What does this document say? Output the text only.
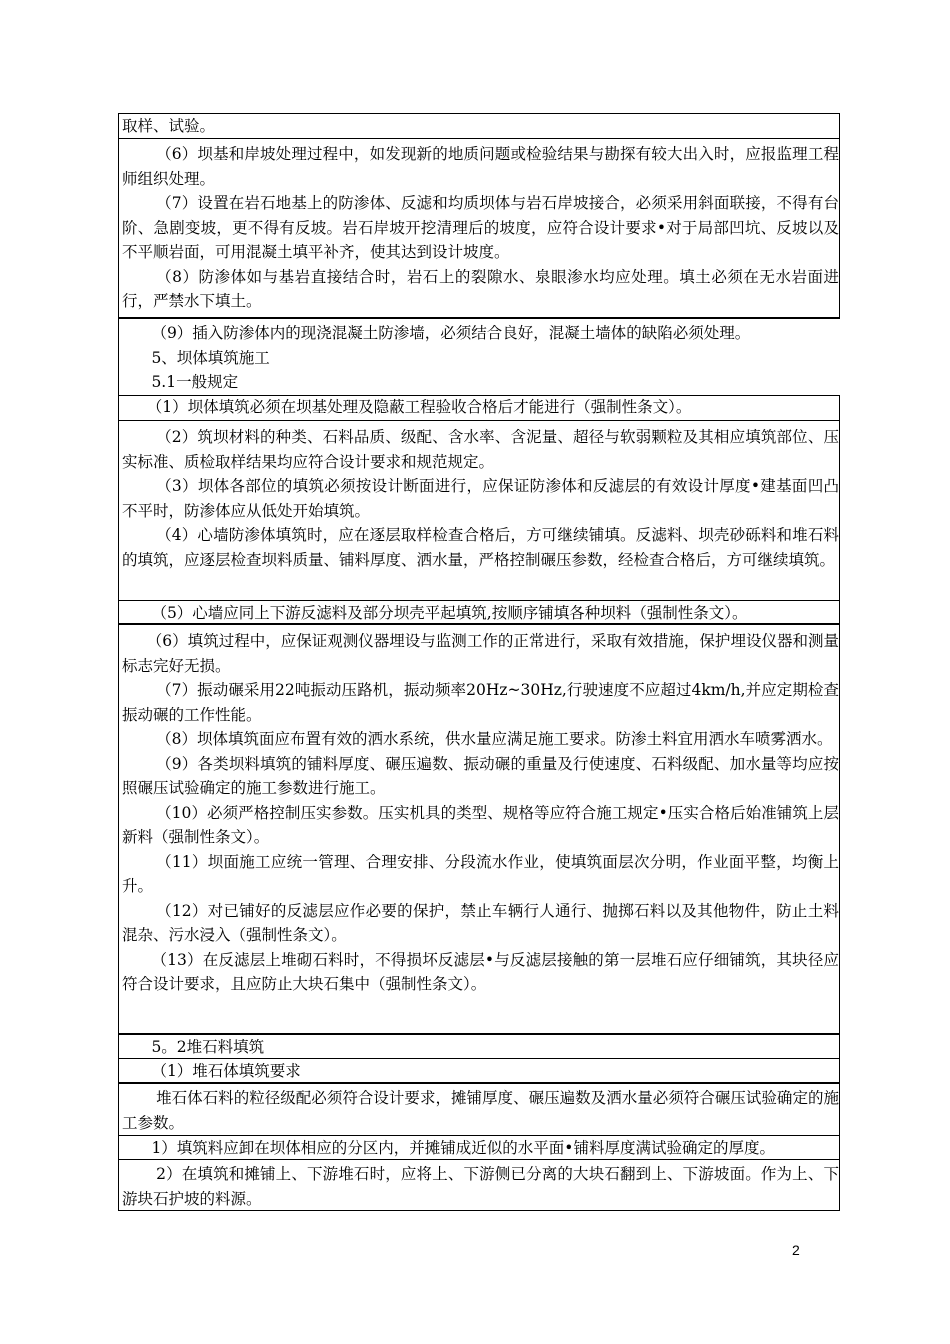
取样、试验。

（6）坝基和岸坡处理过程中，如发现新的地质问题或检验结果与勘探有较大出入时，应报监理工程师组织处理。

（7）设置在岩石地基上的防渗体、反滤和均质坝体与岩石岸坡接合，必须采用斜面联接，不得有台阶、急剧变坡，更不得有反坡。岩石岸坡开挖清理后的坡度，应符合设计要求•对于局部凹坑、反坡以及不平顺岩面，可用混凝土填平补齐，使其达到设计坡度。

（8）防渗体如与基岩直接结合时，岩石上的裂隙水、泉眼渗水均应处理。填土必须在无水岩面进行，严禁水下填土。

（9）插入防渗体内的现浇混凝土防渗墙，必须结合良好，混凝土墙体的缺陷必须处理。

5、坝体填筑施工

5.1一般规定

（1）坝体填筑必须在坝基处理及隐蔽工程验收合格后才能进行（强制性条文）。

（2）筑坝材料的种类、石料品质、级配、含水率、含泥量、超径与软弱颗粒及其相应填筑部位、压实标准、质检取样结果均应符合设计要求和规范规定。

（3）坝体各部位的填筑必须按设计断面进行，应保证防渗体和反滤层的有效设计厚度•建基面凹凸不平时，防渗体应从低处开始填筑。

（4）心墙防渗体填筑时，应在逐层取样检查合格后，方可继续铺填。反滤料、坝壳砂砾料和堆石料的填筑，应逐层检查坝料质量、铺料厚度、洒水量，严格控制碾压参数，经检查合格后，方可继续填筑。

（5）心墙应同上下游反滤料及部分坝壳平起填筑,按顺序铺填各种坝料（强制性条文）。

（6）填筑过程中，应保证观测仪器埋设与监测工作的正常进行，采取有效措施，保护埋设仪器和测量标志完好无损。

（7）振动碾采用22吨振动压路机，振动频率20Hz~30Hz,行驶速度不应超过4km/h,并应定期检查振动碾的工作性能。

（8）坝体填筑面应布置有效的洒水系统，供水量应满足施工要求。防渗土料宜用洒水车喷雾洒水。

（9）各类坝料填筑的铺料厚度、碾压遍数、振动碾的重量及行使速度、石料级配、加水量等均应按照碾压试验确定的施工参数进行施工。

（10）必须严格控制压实参数。压实机具的类型、规格等应符合施工规定•压实合格后始准铺筑上层新料（强制性条文）。

（11）坝面施工应统一管理、合理安排、分段流水作业，使填筑面层次分明，作业面平整，均衡上升。

（12）对已铺好的反滤层应作必要的保护，禁止车辆行人通行、抛掷石料以及其他物件，防止土料混杂、污水浸入（强制性条文）。

（13）在反滤层上堆砌石料时，不得损坏反滤层•与反滤层接触的第一层堆石应仔细铺筑，其块径应符合设计要求，且应防止大块石集中（强制性条文）。

5。2堆石料填筑

（1）堆石体填筑要求

堆石体石料的粒径级配必须符合设计要求，摊铺厚度、碾压遍数及洒水量必须符合碾压试验确定的施工参数。

1）填筑料应卸在坝体相应的分区内，并摊铺成近似的水平面•铺料厚度满试验确定的厚度。

2）在填筑和摊铺上、下游堆石时，应将上、下游侧已分离的大块石翻到上、下游坡面。作为上、下游块石护坡的料源。

2
